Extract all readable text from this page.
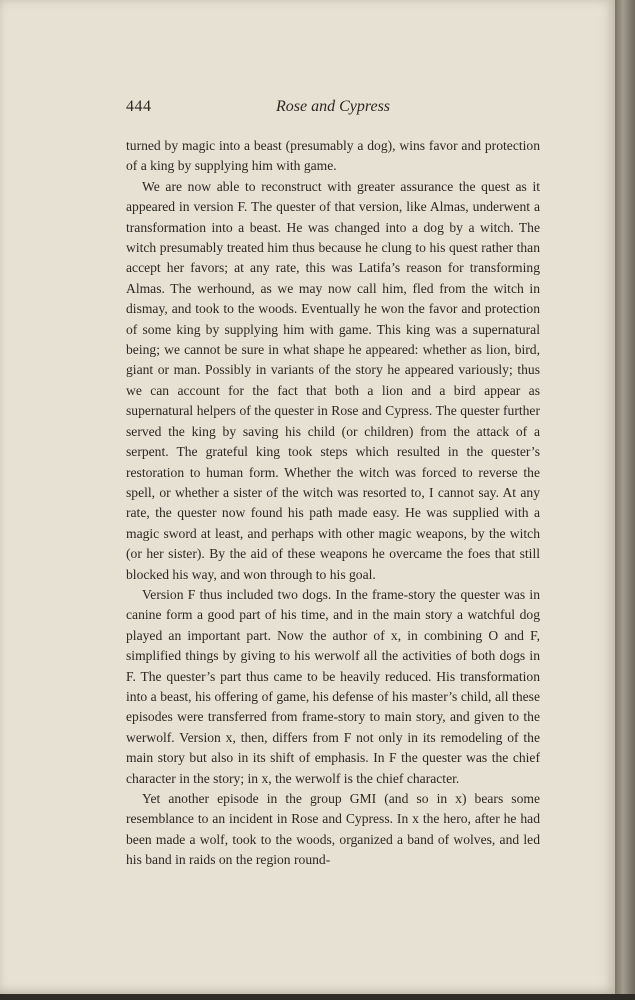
444	Rose and Cypress

turned by magic into a beast (presumably a dog), wins favor and protection of a king by supplying him with game.

We are now able to reconstruct with greater assurance the quest as it appeared in version F. The quester of that version, like Almas, underwent a transformation into a beast. He was changed into a dog by a witch. The witch presumably treated him thus because he clung to his quest rather than accept her favors; at any rate, this was Latifa’s reason for transforming Almas. The werhound, as we may now call him, fled from the witch in dismay, and took to the woods. Eventually he won the favor and protection of some king by supplying him with game. This king was a supernatural being; we cannot be sure in what shape he appeared: whether as lion, bird, giant or man. Possibly in variants of the story he appeared variously; thus we can account for the fact that both a lion and a bird appear as supernatural helpers of the quester in Rose and Cypress. The quester further served the king by saving his child (or children) from the attack of a serpent. The grateful king took steps which resulted in the quester’s restoration to human form. Whether the witch was forced to reverse the spell, or whether a sister of the witch was resorted to, I cannot say. At any rate, the quester now found his path made easy. He was supplied with a magic sword at least, and perhaps with other magic weapons, by the witch (or her sister). By the aid of these weapons he overcame the foes that still blocked his way, and won through to his goal.

Version F thus included two dogs. In the frame-story the quester was in canine form a good part of his time, and in the main story a watchful dog played an important part. Now the author of x, in combining O and F, simplified things by giving to his werwolf all the activities of both dogs in F. The quester’s part thus came to be heavily reduced. His transformation into a beast, his offering of game, his defense of his master’s child, all these episodes were transferred from frame-story to main story, and given to the werwolf. Version x, then, differs from F not only in its remodeling of the main story but also in its shift of emphasis. In F the quester was the chief character in the story; in x, the werwolf is the chief character.

Yet another episode in the group GMI (and so in x) bears some resemblance to an incident in Rose and Cypress. In x the hero, after he had been made a wolf, took to the woods, organized a band of wolves, and led his band in raids on the region round-
